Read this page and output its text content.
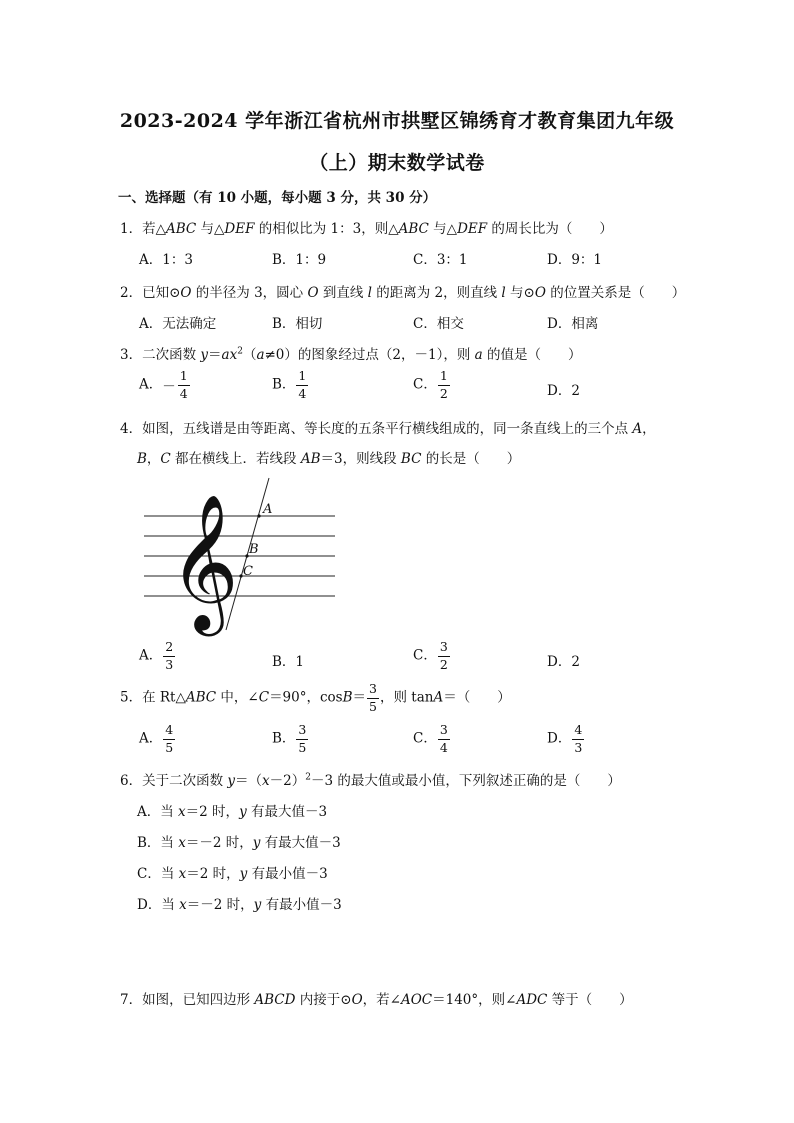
2023-2024 学年浙江省杭州市拱墅区锦绣育才教育集团九年级
（上）期末数学试卷
一、选择题（有 10 小题，每小题 3 分，共 30 分）
1．若△ABC 与△DEF 的相似比为 1：3，则△ABC 与△DEF 的周长比为（　　）
A．1：3	B．1：9	C．3：1	D．9：1
2．已知⊙O 的半径为 3，圆心 O 到直线 l 的距离为 2，则直线 l 与⊙O 的位置关系是（　　）
A．无法确定	B．相切	C．相交	D．相离
3．二次函数 $y=ax^2(a\ne 0)$的图象经过点（2，－1），则 a 的值是（　　）
A．－ $\frac{1}{4}$	B． $\frac{1}{4}$	C． $\frac{1}{2}$	D．2
4．如图，五线谱是由等距离、等长度的五条平行横线组成的，同一条直线上的三个点 A，
B，C 都在横线上．若线段 AB＝3，则线段 BC 的长是（　　）
𝄞 A
B
C
A． $\frac{2}{3}$	B．1	C． $\frac{3}{2}$	D．2
5．在 Rt△ABC 中，∠C＝90°，$\cos B= \frac{3}{5}$ ，则 tanA＝（　　）
A． $\frac{4}{5}$	B． $\frac{3}{5}$	C． $\frac{3}{4}$	D． $\frac{4}{3}$
6．关于二次函数 $y=(x-2)^2-3$ 的最大值或最小值，下列叙述正确的是（　　）
A．当 x＝2 时，y 有最大值－3
B．当 x＝－2 时，y 有最大值－3
C．当 x＝2 时，y 有最小值－3
D．当 x＝－2 时，y 有最小值－3
7．如图，已知四边形 ABCD 内接于⊙O，若∠AOC＝140°，则∠ADC 等于（　　）
